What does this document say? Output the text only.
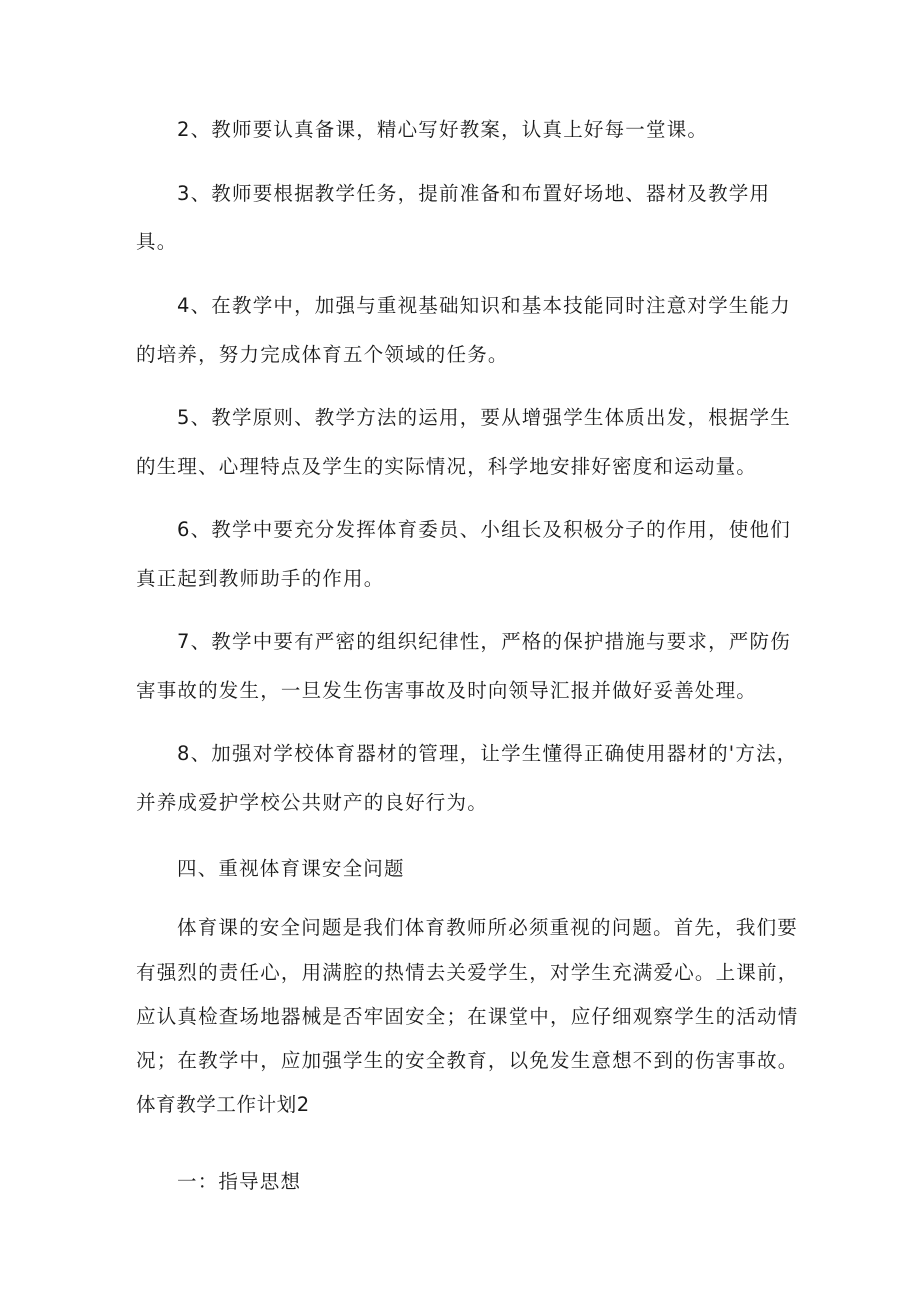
2、教师要认真备课，精心写好教案，认真上好每一堂课。
3、教师要根据教学任务，提前准备和布置好场地、器材及教学用
具。
4、在教学中，加强与重视基础知识和基本技能同时注意对学生能力
的培养，努力完成体育五个领域的任务。
5、教学原则、教学方法的运用，要从增强学生体质出发，根据学生
的生理、心理特点及学生的实际情况，科学地安排好密度和运动量。
6、教学中要充分发挥体育委员、小组长及积极分子的作用，使他们
真正起到教师助手的作用。
7、教学中要有严密的组织纪律性，严格的保护措施与要求，严防伤
害事故的发生，一旦发生伤害事故及时向领导汇报并做好妥善处理。
8、加强对学校体育器材的管理，让学生懂得正确使用器材的'方法，
并养成爱护学校公共财产的良好行为。
四、重视体育课安全问题
体育课的安全问题是我们体育教师所必须重视的问题。首先，我们要
有强烈的责任心，用满腔的热情去关爱学生，对学生充满爱心。上课前，
应认真检查场地器械是否牢固安全；在课堂中，应仔细观察学生的活动情
况；在教学中，应加强学生的安全教育，以免发生意想不到的伤害事故。
体育教学工作计划2
一：指导思想
